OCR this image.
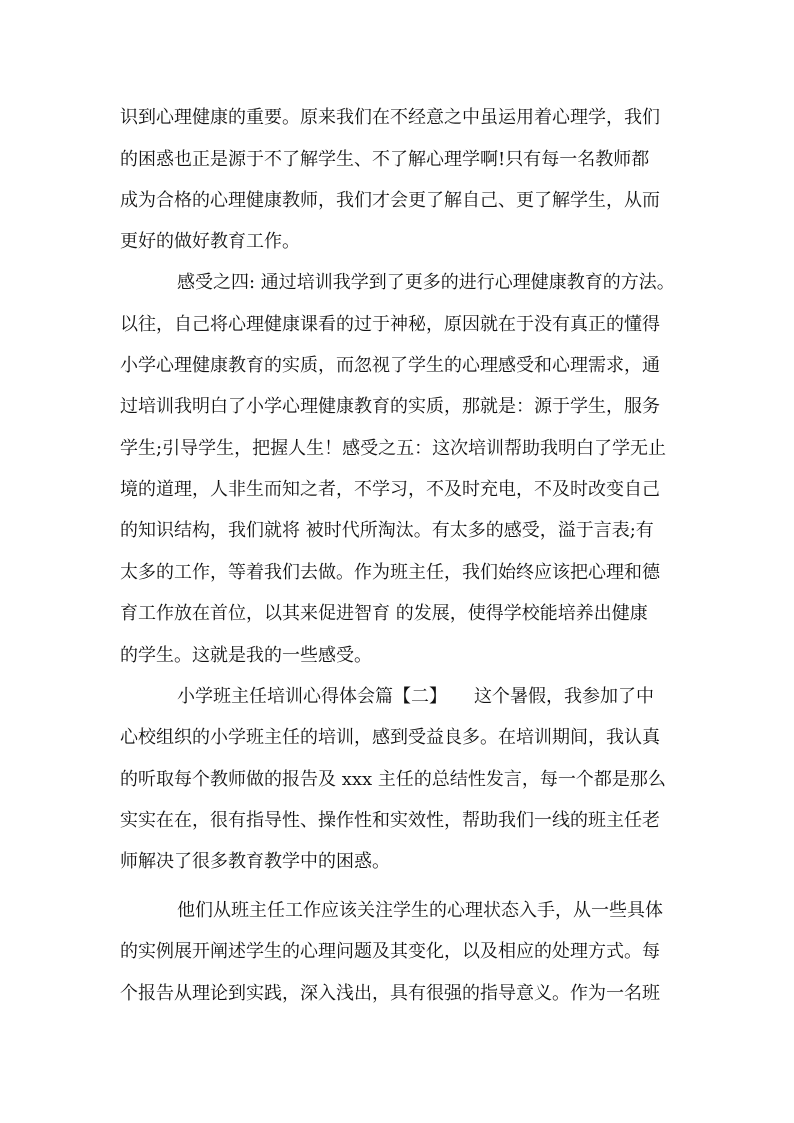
识到心理健康的重要。原来我们在不经意之中虽运用着心理学，我们
的困惑也正是源于不了解学生、不了解心理学啊!只有每一名教师都
成为合格的心理健康教师，我们才会更了解自己、更了解学生，从而
更好的做好教育工作。
感受之四: 通过培训我学到了更多的进行心理健康教育的方法。
以往，自己将心理健康课看的过于神秘，原因就在于没有真正的懂得
小学心理健康教育的实质，而忽视了学生的心理感受和心理需求，通
过培训我明白了小学心理健康教育的实质，那就是：源于学生，服务
学生;引导学生，把握人生！感受之五：这次培训帮助我明白了学无止
境的道理，人非生而知之者，不学习，不及时充电，不及时改变自己
的知识结构，我们就将 被时代所淘汰。有太多的感受，溢于言表;有
太多的工作，等着我们去做。作为班主任，我们始终应该把心理和德
育工作放在首位，以其来促进智育 的发展，使得学校能培养出健康
的学生。这就是我的一些感受。
小学班主任培训心得体会篇【二】　　这个暑假，我参加了中
心校组织的小学班主任的培训，感到受益良多。在培训期间，我认真
的听取每个教师做的报告及 xxx 主任的总结性发言，每一个都是那么
实实在在，很有指导性、操作性和实效性，帮助我们一线的班主任老
师解决了很多教育教学中的困惑。
他们从班主任工作应该关注学生的心理状态入手，从一些具体
的实例展开阐述学生的心理问题及其变化，以及相应的处理方式。每
个报告从理论到实践，深入浅出，具有很强的指导意义。作为一名班
